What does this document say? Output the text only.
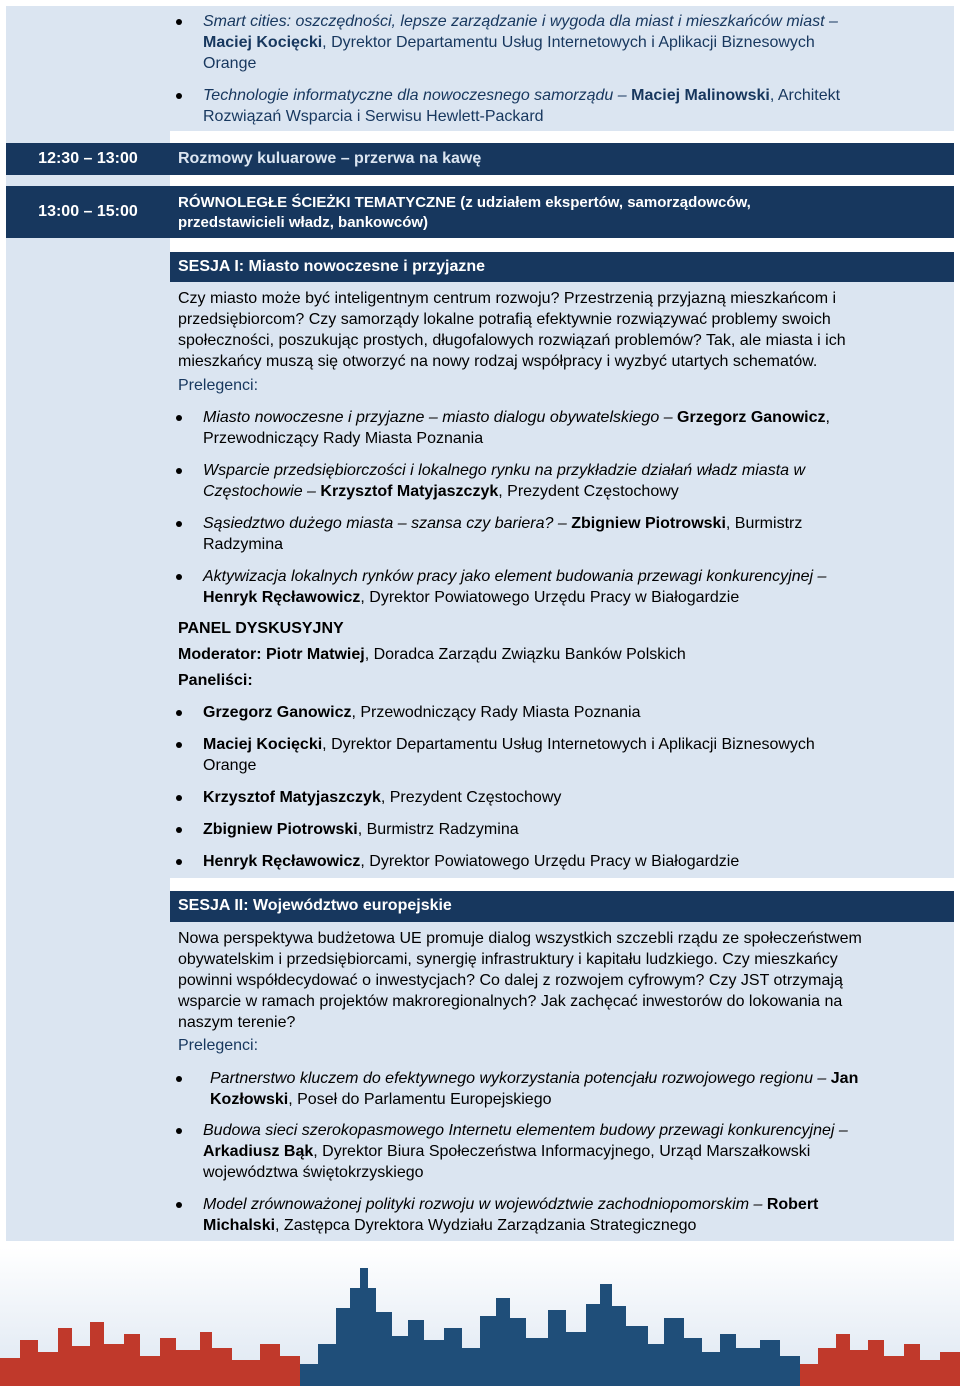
Smart cities: oszczędności, lepsze zarządzanie i wygoda dla miast i mieszkańców miast –
Maciej Kocięcki, Dyrektor Departamentu Usług Internetowych i Aplikacji Biznesowych
Orange
Technologie informatyczne dla nowoczesnego samorządu – Maciej Malinowski, Architekt
Rozwiązań Wsparcia i Serwisu Hewlett-Packard
12:30 – 13:00	Rozmowy kuluarowe – przerwa na kawę
13:00 – 15:00
RÓWNOLEGŁE ŚCIEŻKI TEMATYCZNE (z udziałem ekspertów, samorządowców,
przedstawicieli władz, bankowców)
SESJA I: Miasto nowoczesne i przyjazne
Czy miasto może być inteligentnym centrum rozwoju? Przestrzenią przyjazną mieszkańcom i
przedsiębiorcom? Czy samorządy lokalne potrafią efektywnie rozwiązywać problemy swoich
społeczności, poszukując prostych, długofalowych rozwiązań problemów? Tak, ale miasta i ich
mieszkańcy muszą się otworzyć na nowy rodzaj współpracy i wyzbyć utartych schematów.
Prelegenci:
Miasto nowoczesne i przyjazne – miasto dialogu obywatelskiego – Grzegorz Ganowicz,
Przewodniczący Rady Miasta Poznania
Wsparcie przedsiębiorczości i lokalnego rynku na przykładzie działań władz miasta w
Częstochowie – Krzysztof Matyjaszczyk, Prezydent Częstochowy
Sąsiedztwo dużego miasta – szansa czy bariera? – Zbigniew Piotrowski, Burmistrz
Radzymina
Aktywizacja lokalnych rynków pracy jako element budowania przewagi konkurencyjnej –
Henryk Ręcławowicz, Dyrektor Powiatowego Urzędu Pracy w Białogardzie
PANEL DYSKUSYJNY
Moderator: Piotr Matwiej, Doradca Zarządu Związku Banków Polskich
Paneliści:
Grzegorz Ganowicz, Przewodniczący Rady Miasta Poznania
Maciej Kocięcki, Dyrektor Departamentu Usług Internetowych i Aplikacji Biznesowych
Orange
Krzysztof Matyjaszczyk, Prezydent Częstochowy
Zbigniew Piotrowski, Burmistrz Radzymina
Henryk Ręcławowicz, Dyrektor Powiatowego Urzędu Pracy w Białogardzie
SESJA II: Województwo europejskie
Nowa perspektywa budżetowa UE promuje dialog wszystkich szczebli rządu ze społeczeństwem
obywatelskim i przedsiębiorcami, synergię infrastruktury i kapitału ludzkiego. Czy mieszkańcy
powinni współdecydować o inwestycjach? Co dalej z rozwojem cyfrowym? Czy JST otrzymają
wsparcie w ramach projektów makroregionalnych? Jak zachęcać inwestorów do lokowania na
naszym terenie?
Prelegenci:
Partnerstwo kluczem do efektywnego wykorzystania potencjału rozwojowego regionu – Jan
Kozłowski, Poseł do Parlamentu Europejskiego
Budowa sieci szerokopasmowego Internetu elementem budowy przewagi konkurencyjnej –
Arkadiusz Bąk, Dyrektor Biura Społeczeństwa Informacyjnego, Urząd Marszałkowski
województwa świętokrzyskiego
Model zrównoważonej polityki rozwoju w województwie zachodniopomorskim – Robert
Michalski, Zastępca Dyrektora Wydziału Zarządzania Strategicznego
